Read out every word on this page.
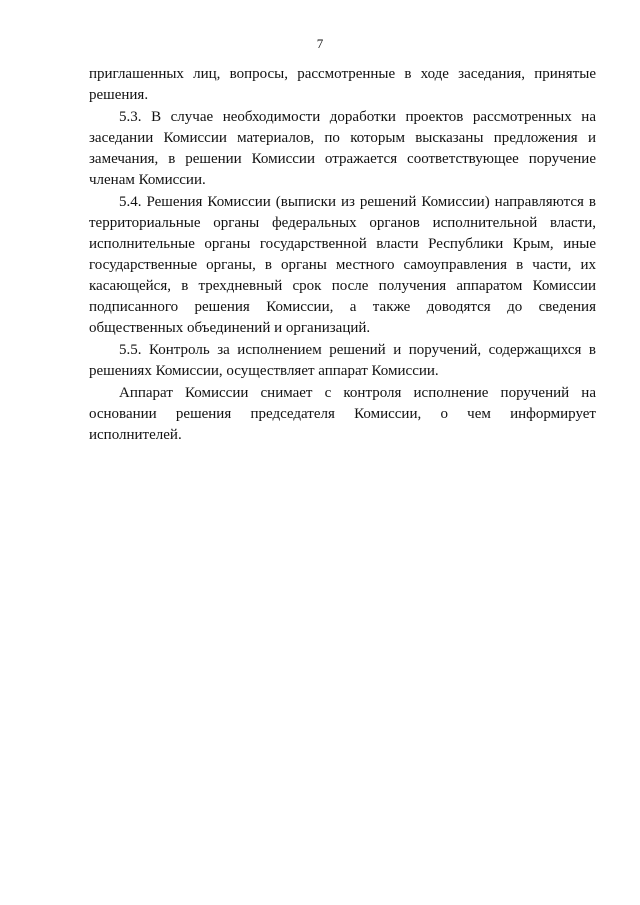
7

приглашенных лиц, вопросы, рассмотренные в ходе заседания, принятые решения.

5.3. В случае необходимости доработки проектов рассмотренных на заседании Комиссии материалов, по которым высказаны предложения и замечания, в решении Комиссии отражается соответствующее поручение членам Комиссии.

5.4. Решения Комиссии (выписки из решений Комиссии) направляются в территориальные органы федеральных органов исполнительной власти, исполнительные органы государственной власти Республики Крым, иные государственные органы, в органы местного самоуправления в части, их касающейся, в трехдневный срок после получения аппаратом Комиссии подписанного решения Комиссии, а также доводятся до сведения общественных объединений и организаций.

5.5. Контроль за исполнением решений и поручений, содержащихся в решениях Комиссии, осуществляет аппарат Комиссии.

Аппарат Комиссии снимает с контроля исполнение поручений на основании решения председателя Комиссии, о чем информирует исполнителей.
